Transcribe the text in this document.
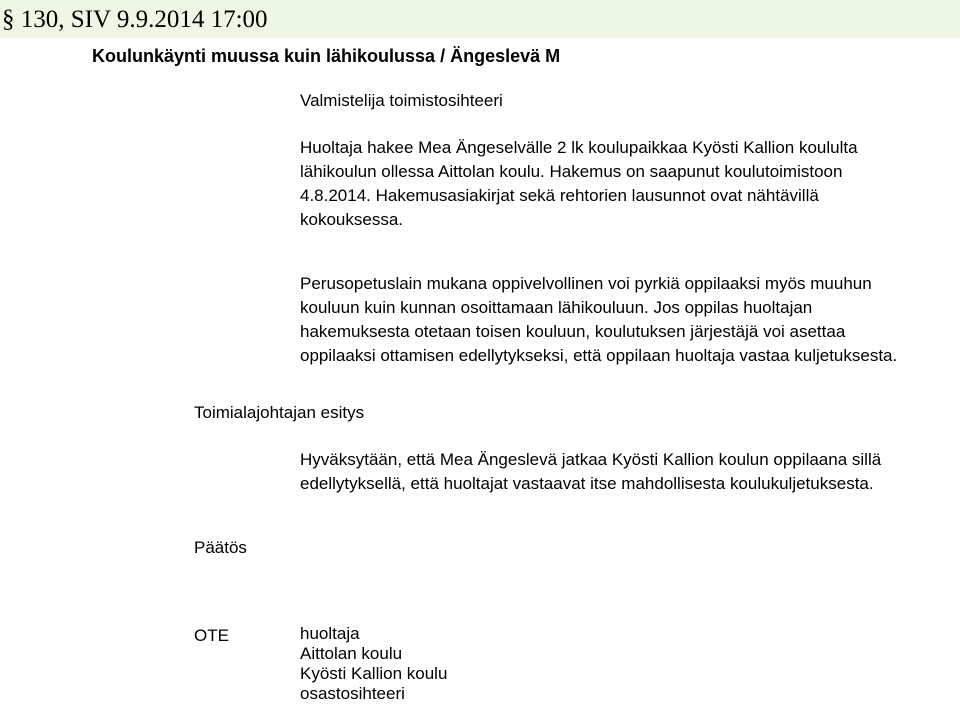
§ 130, SIV 9.9.2014 17:00
Koulunkäynti muussa kuin lähikoulussa / Ängeslevä M
Valmistelija toimistosihteeri

Huoltaja hakee Mea Ängeselvälle 2 lk koulupaikkaa Kyösti Kallion koululta lähikoulun ollessa Aittolan koulu. Hakemus on saapunut koulutoimistoon 4.8.2014. Hakemusasiakirjat sekä rehtorien lausunnot ovat nähtävillä kokouksessa.

Perusopetuslain mukana oppivelvollinen voi pyrkiä oppilaaksi myös muuhun kouluun kuin kunnan osoittamaan lähikouluun. Jos oppilas huoltajan hakemuksesta otetaan toisen kouluun, koulutuksen järjestäjä voi asettaa oppilaaksi ottamisen edellytykseksi, että oppilaan huoltaja vastaa kuljetuksesta.

Toimialajohtajan esitys

Hyväksytään, että Mea Ängeslevä jatkaa Kyösti Kallion koulun oppilaana sillä edellytyksellä, että huoltajat vastaavat itse mahdollisesta koulukuljetuksesta.

Päätös
OTE	huoltaja
Aittolan koulu
Kyösti Kallion koulu
osastosihteeri
